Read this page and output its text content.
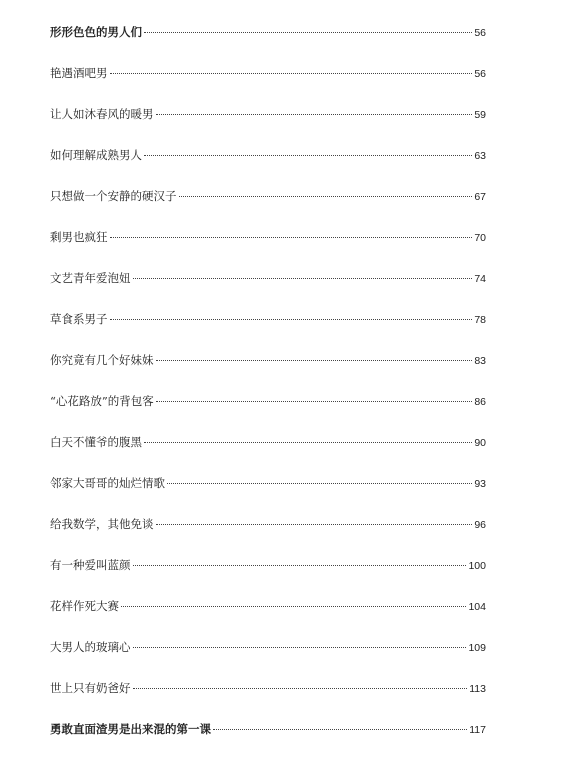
形形色色的男人们	56
艳遇酒吧男	56
让人如沐春风的暖男	59
如何理解成熟男人	63
只想做一个安静的硬汉子	67
剩男也疯狂	70
文艺青年爱泡妞	74
草食系男子	78
你究竟有几个好妹妹	83
“心花路放”的背包客	86
白天不懂爷的腹黑	90
邻家大哥哥的灿烂情歌	93
给我数学，其他免谈	96
有一种爱叫蓝颜	100
花样作死大赛	104
大男人的玻璃心	109
世上只有奶爸好	113
勇敢直面渣男是出来混的第一课	117
